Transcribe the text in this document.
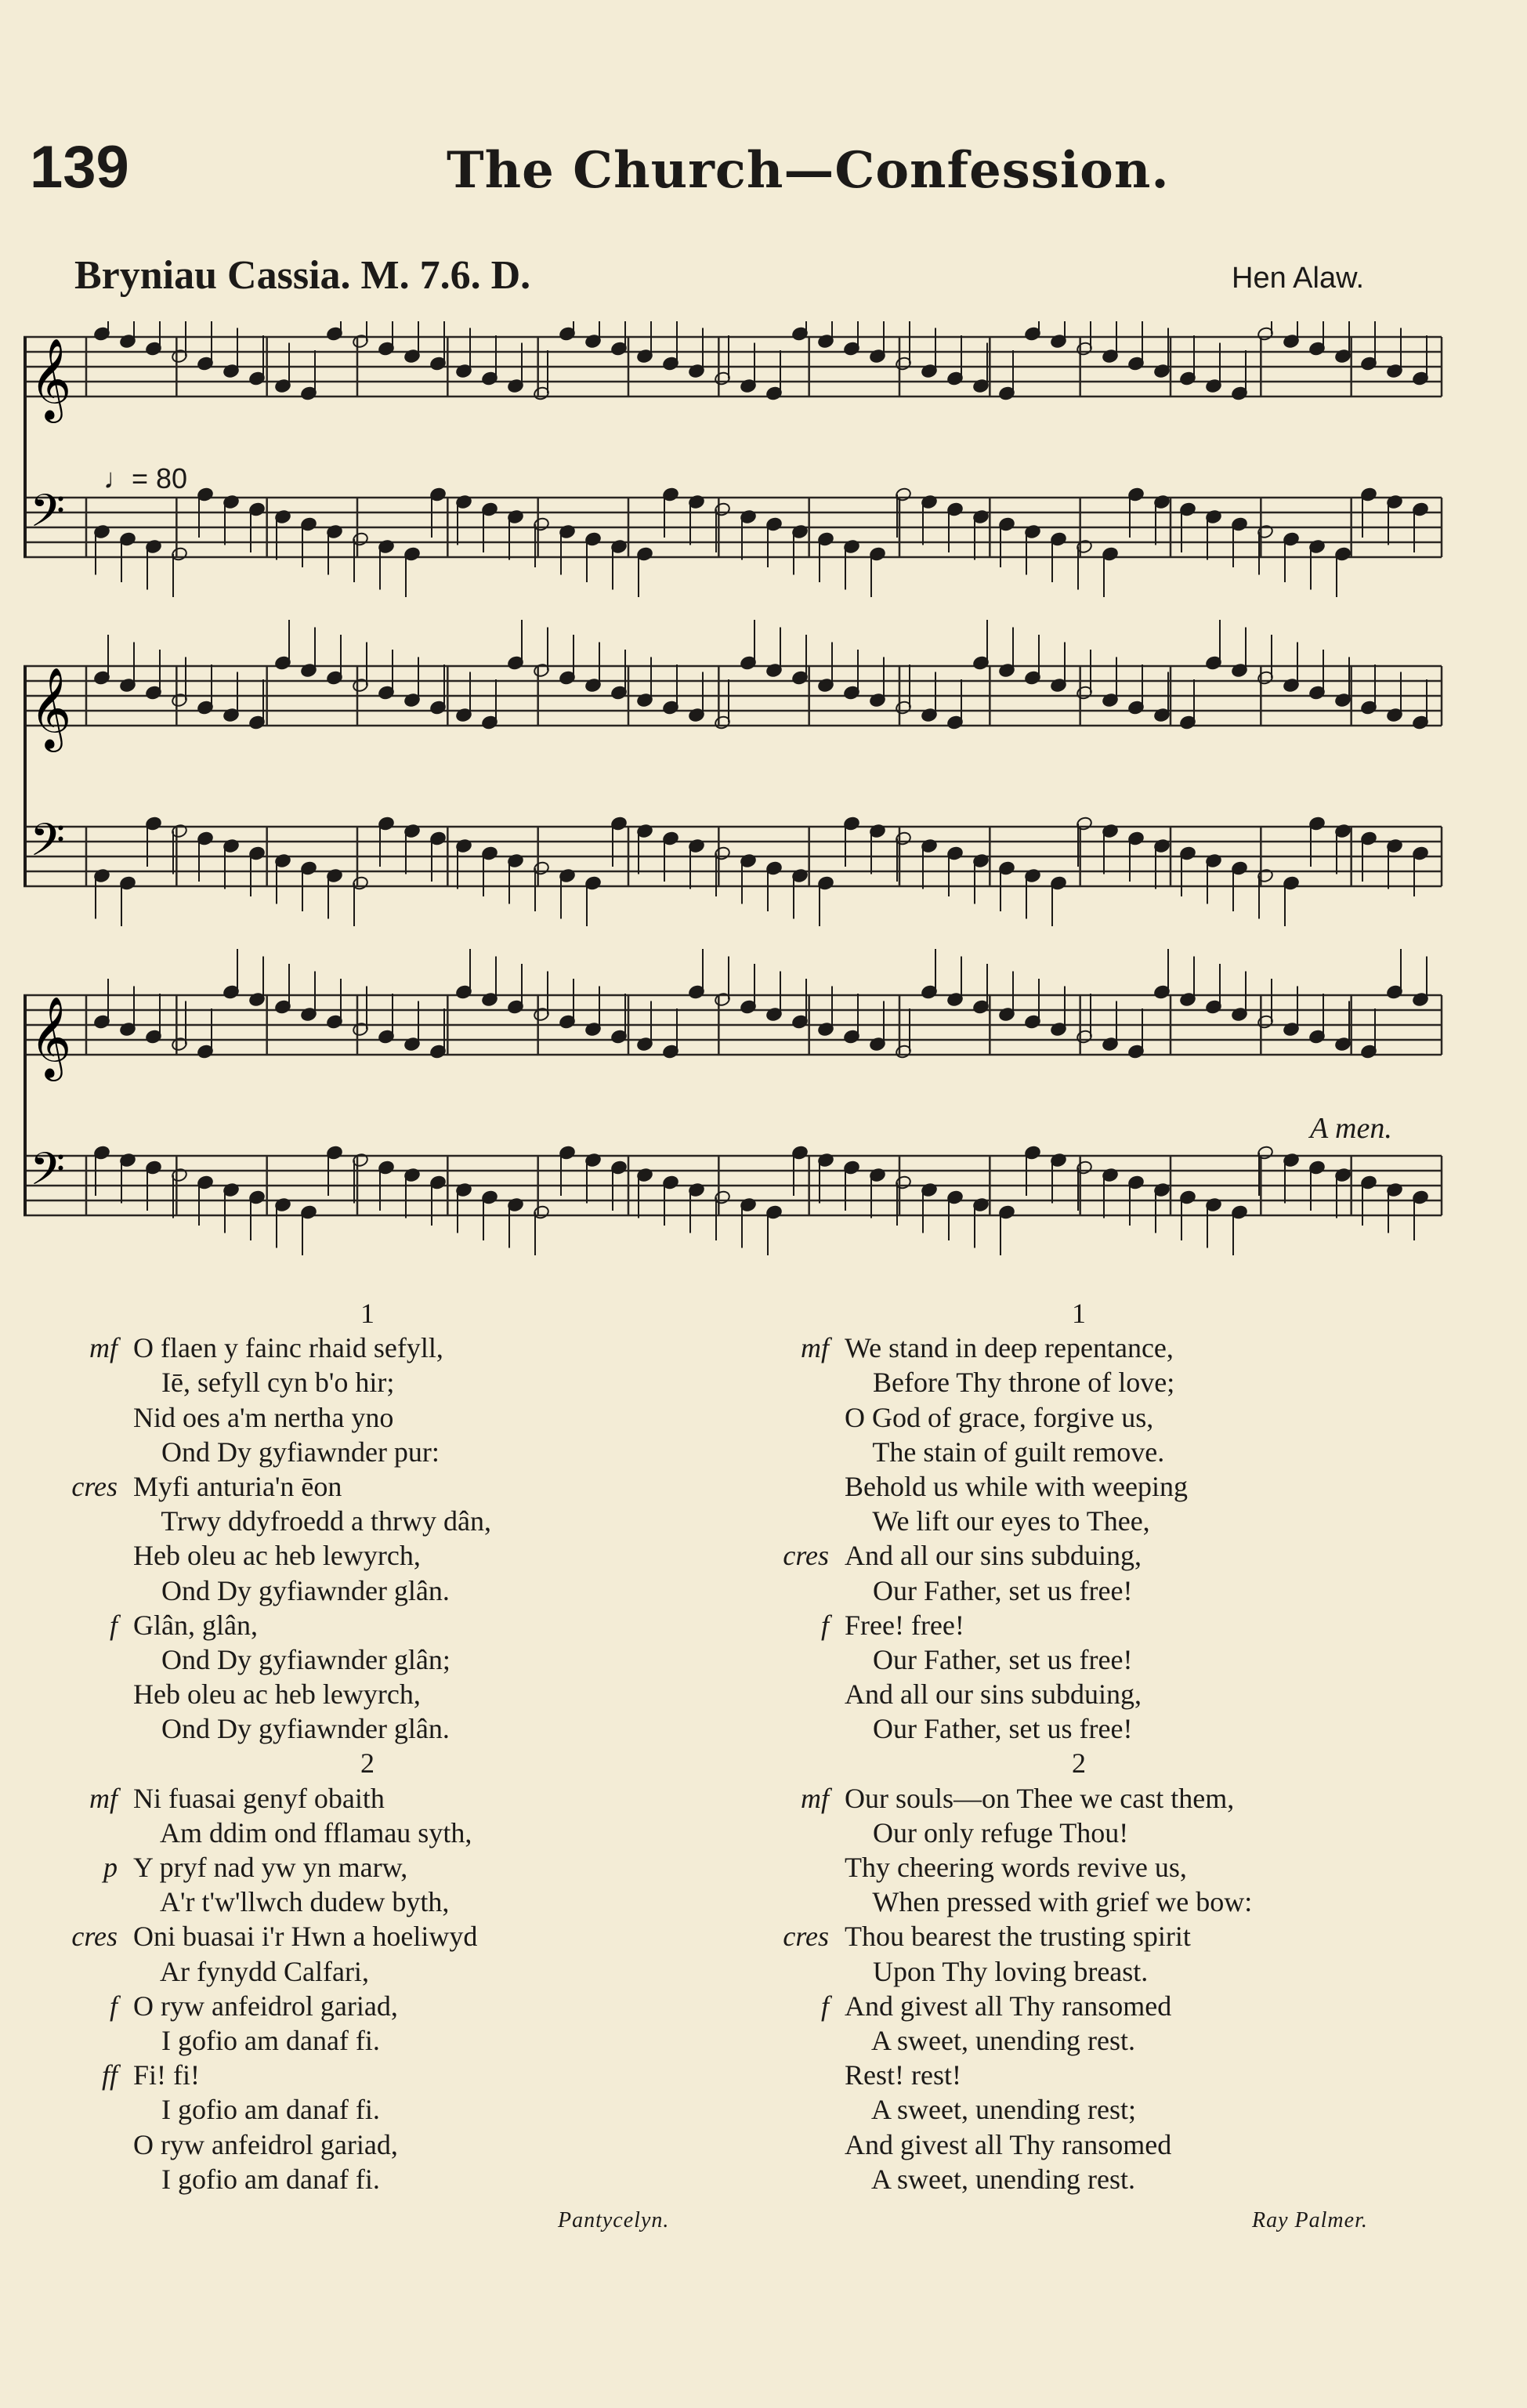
139	The Church—Confession.
Bryniau Cassia. M. 7.6. D.	Hen Alaw.
𝄞
𝄢
𝄞
𝄢
𝄞
𝄢
♩= 80
A men.
1
mf O flaen y fainc rhaid sefyll,
Iē, sefyll cyn b'o hir;
Nid oes a'm nertha yno
Ond Dy gyfiawnder pur:
cres Myfi anturia'n ēon
Trwy ddyfroedd a thrwy dân,
Heb oleu ac heb lewyrch,
Ond Dy gyfiawnder glân.
f Glân, glân,
Ond Dy gyfiawnder glân;
Heb oleu ac heb lewyrch,
Ond Dy gyfiawnder glân.
2
mf Ni fuasai genyf obaith
Am ddim ond fflamau syth,
p Y pryf nad yw yn marw,
A'r t'w'llwch dudew byth,
cres Oni buasai i'r Hwn a hoeliwyd
Ar fynydd Calfari,
f O ryw anfeidrol gariad,
I gofio am danaf fi.
ff Fi! fi!
I gofio am danaf fi.
O ryw anfeidrol gariad,
I gofio am danaf fi.
1
mf We stand in deep repentance,
Before Thy throne of love;
O God of grace, forgive us,
The stain of guilt remove.
Behold us while with weeping
We lift our eyes to Thee,
cres And all our sins subduing,
Our Father, set us free!
f Free! free!
Our Father, set us free!
And all our sins subduing,
Our Father, set us free!
2
mf Our souls—on Thee we cast them,
Our only refuge Thou!
Thy cheering words revive us,
When pressed with grief we bow:
cres Thou bearest the trusting spirit
Upon Thy loving breast.
f And givest all Thy ransomed
A sweet, unending rest.
Rest! rest!
A sweet, unending rest;
And givest all Thy ransomed
A sweet, unending rest.
Pantycelyn.	Ray Palmer.
